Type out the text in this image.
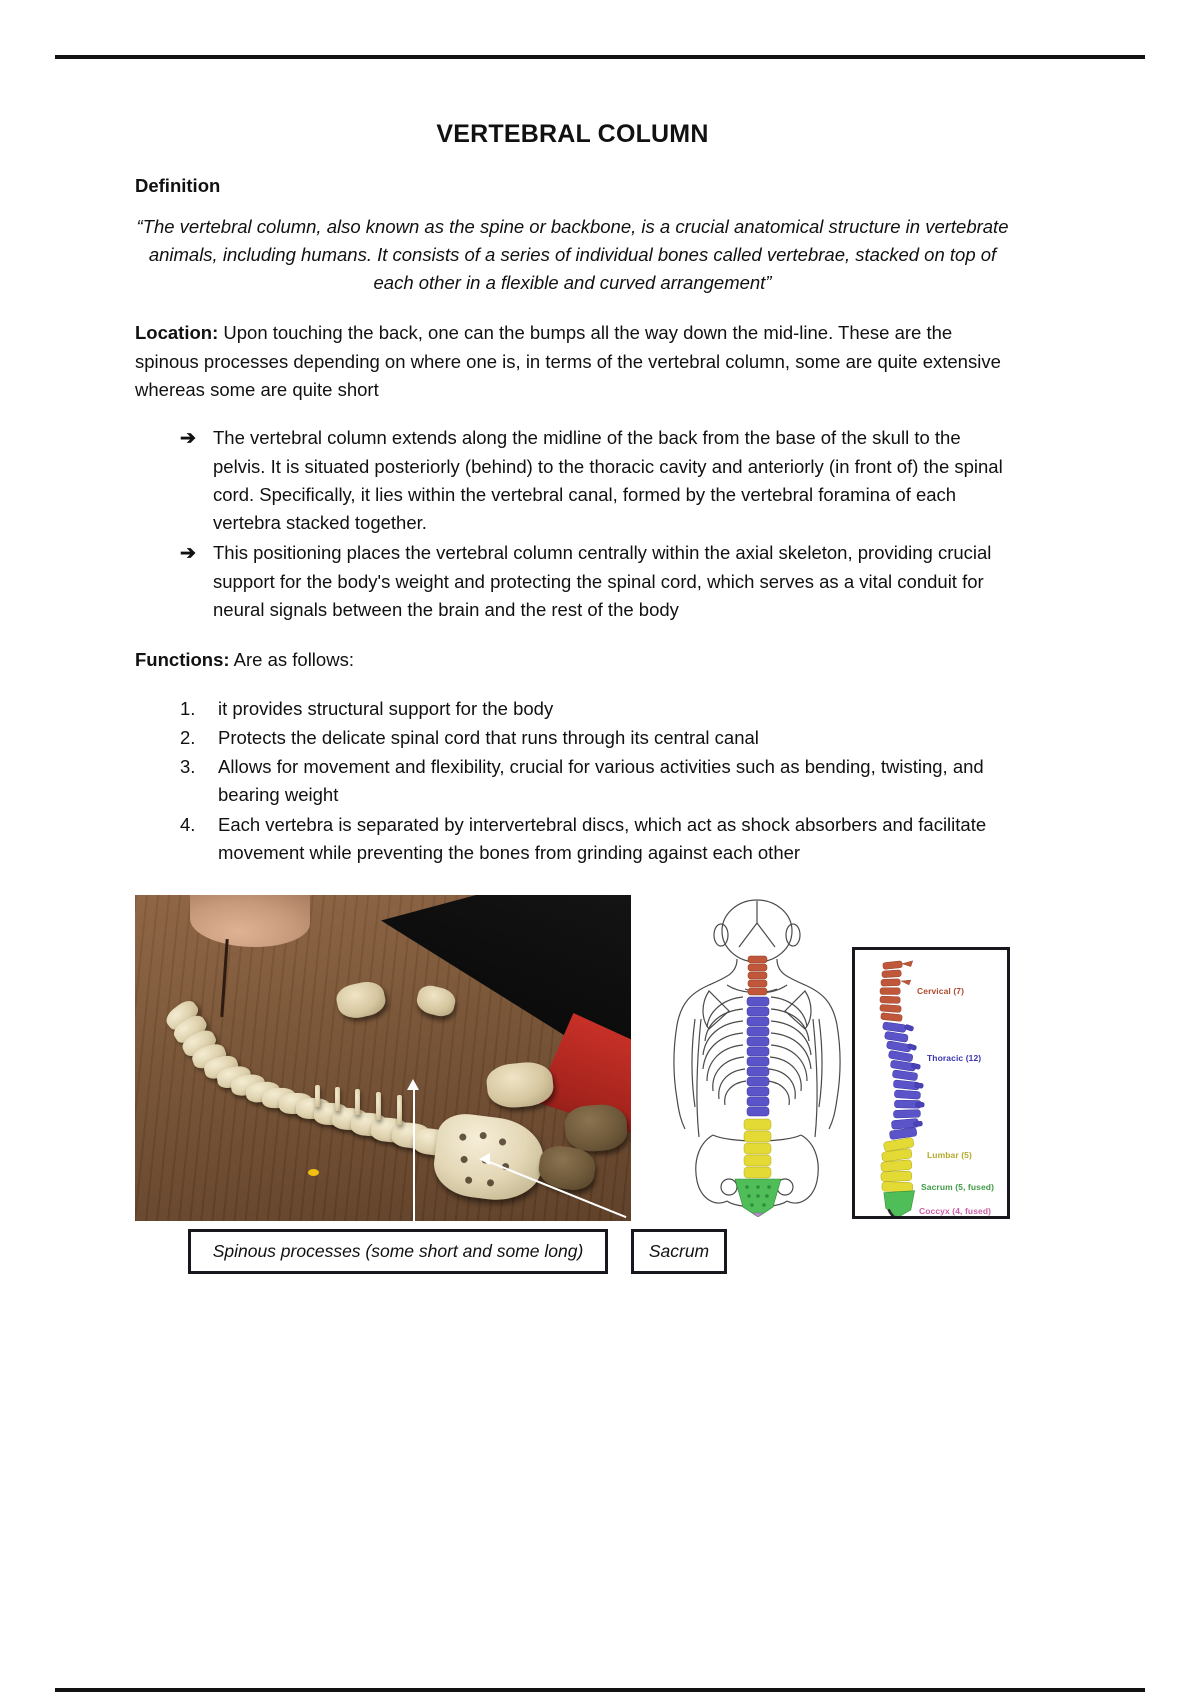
VERTEBRAL COLUMN
Definition

“The vertebral column, also known as the spine or backbone, is a crucial anatomical structure in vertebrate animals, including humans. It consists of a series of individual bones called vertebrae, stacked on top of each other in a flexible and curved arrangement”

Location: Upon touching the back, one can the bumps all the way down the mid-line. These are the spinous processes depending on where one is, in terms of the vertebral column, some are quite extensive whereas some are quite short

➔ The vertebral column extends along the midline of the back from the base of the skull to the pelvis. It is situated posteriorly (behind) to the thoracic cavity and anteriorly (in front of) the spinal cord. Specifically, it lies within the vertebral canal, formed by the vertebral foramina of each vertebra stacked together.
➔ This positioning places the vertebral column centrally within the axial skeleton, providing crucial support for the body's weight and protecting the spinal cord, which serves as a vital conduit for neural signals between the brain and the rest of the body

Functions: Are as follows:

it provides structural support for the body
Protects the delicate spinal cord that runs through its central canal
Allows for movement and flexibility, crucial for various activities such as bending, twisting, and bearing weight
Each vertebra is separated by intervertebral discs, which act as shock absorbers and facilitate movement while preventing the bones from grinding against each other
Cervical (7)
Thoracic (12)
Lumbar (5)
Sacrum (5, fused)
Coccyx (4, fused)
Spinous processes (some short and some long)	Sacrum
